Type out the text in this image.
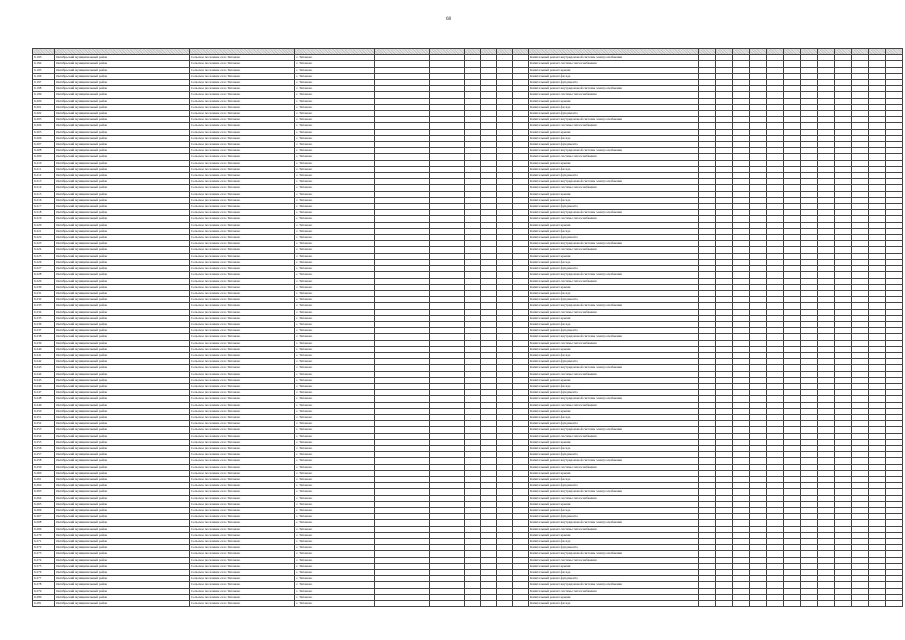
68

6.193	Октябрьский муниципальный район	Сельское поселение село Тиганово	с. Тиганово							Капитальный ремонт внутридомовой системы электроснабжения												
6.194	Октябрьский муниципальный район	Сельское поселение село Тиганово	с. Тиганово							Капитальный ремонт системы теплоснабжения												
6.195	Октябрьский муниципальный район	Сельское поселение село Тиганово	с. Тиганово							Капитальный ремонт крыши												
6.196	Октябрьский муниципальный район	Сельское поселение село Тиганово	с. Тиганово							Капитальный ремонт фасада												
6.197	Октябрьский муниципальный район	Сельское поселение село Тиганово	с. Тиганово							Капитальный ремонт фундамента												
6.198	Октябрьский муниципальный район	Сельское поселение село Тиганово	с. Тиганово							Капитальный ремонт внутридомовой системы электроснабжения												
6.199	Октябрьский муниципальный район	Сельское поселение село Тиганово	с. Тиганово							Капитальный ремонт системы теплоснабжения												
6.200	Октябрьский муниципальный район	Сельское поселение село Тиганово	с. Тиганово							Капитальный ремонт крыши												
6.201	Октябрьский муниципальный район	Сельское поселение село Тиганово	с. Тиганово							Капитальный ремонт фасада												
6.202	Октябрьский муниципальный район	Сельское поселение село Тиганово	с. Тиганово							Капитальный ремонт фундамента												
6.203	Октябрьский муниципальный район	Сельское поселение село Тиганово	с. Тиганово							Капитальный ремонт внутридомовой системы электроснабжения												
6.204	Октябрьский муниципальный район	Сельское поселение село Тиганово	с. Тиганово							Капитальный ремонт системы теплоснабжения												
6.205	Октябрьский муниципальный район	Сельское поселение село Тиганово	с. Тиганово							Капитальный ремонт крыши												
6.206	Октябрьский муниципальный район	Сельское поселение село Тиганово	с. Тиганово							Капитальный ремонт фасада												
6.207	Октябрьский муниципальный район	Сельское поселение село Тиганово	с. Тиганово							Капитальный ремонт фундамента												
6.208	Октябрьский муниципальный район	Сельское поселение село Тиганово	с. Тиганово							Капитальный ремонт внутридомовой системы электроснабжения												
6.209	Октябрьский муниципальный район	Сельское поселение село Тиганово	с. Тиганово							Капитальный ремонт системы теплоснабжения												
6.210	Октябрьский муниципальный район	Сельское поселение село Тиганово	с. Тиганово							Капитальный ремонт крыши												
6.211	Октябрьский муниципальный район	Сельское поселение село Тиганово	с. Тиганово							Капитальный ремонт фасада												
6.212	Октябрьский муниципальный район	Сельское поселение село Тиганово	с. Тиганово							Капитальный ремонт фундамента												
6.213	Октябрьский муниципальный район	Сельское поселение село Тиганово	с. Тиганово							Капитальный ремонт внутридомовой системы электроснабжения												
6.214	Октябрьский муниципальный район	Сельское поселение село Тиганово	с. Тиганово							Капитальный ремонт системы теплоснабжения												
6.215	Октябрьский муниципальный район	Сельское поселение село Тиганово	с. Тиганово							Капитальный ремонт крыши												
6.216	Октябрьский муниципальный район	Сельское поселение село Тиганово	с. Тиганово							Капитальный ремонт фасада												
6.217	Октябрьский муниципальный район	Сельское поселение село Тиганово	с. Тиганово							Капитальный ремонт фундамента												
6.218	Октябрьский муниципальный район	Сельское поселение село Тиганово	с. Тиганово							Капитальный ремонт внутридомовой системы электроснабжения												
6.219	Октябрьский муниципальный район	Сельское поселение село Тиганово	с. Тиганово							Капитальный ремонт системы теплоснабжения												
6.220	Октябрьский муниципальный район	Сельское поселение село Тиганово	с. Тиганово							Капитальный ремонт крыши												
6.221	Октябрьский муниципальный район	Сельское поселение село Тиганово	с. Тиганово							Капитальный ремонт фасада												
6.222	Октябрьский муниципальный район	Сельское поселение село Тиганово	с. Тиганово							Капитальный ремонт фундамента												
6.223	Октябрьский муниципальный район	Сельское поселение село Тиганово	с. Тиганово							Капитальный ремонт внутридомовой системы электроснабжения												
6.224	Октябрьский муниципальный район	Сельское поселение село Тиганово	с. Тиганово							Капитальный ремонт системы теплоснабжения												
6.225	Октябрьский муниципальный район	Сельское поселение село Тиганово	с. Тиганово							Капитальный ремонт крыши												
6.226	Октябрьский муниципальный район	Сельское поселение село Тиганово	с. Тиганово							Капитальный ремонт фасада												
6.227	Октябрьский муниципальный район	Сельское поселение село Тиганово	с. Тиганово							Капитальный ремонт фундамента												
6.228	Октябрьский муниципальный район	Сельское поселение село Тиганово	с. Тиганово							Капитальный ремонт внутридомовой системы электроснабжения												
6.229	Октябрьский муниципальный район	Сельское поселение село Тиганово	с. Тиганово							Капитальный ремонт системы теплоснабжения												
6.230	Октябрьский муниципальный район	Сельское поселение село Тиганово	с. Тиганово							Капитальный ремонт крыши												
6.231	Октябрьский муниципальный район	Сельское поселение село Тиганово	с. Тиганово							Капитальный ремонт фасада												
6.232	Октябрьский муниципальный район	Сельское поселение село Тиганово	с. Тиганово							Капитальный ремонт фундамента												
6.233	Октябрьский муниципальный район	Сельское поселение село Тиганово	с. Тиганово							Капитальный ремонт внутридомовой системы электроснабжения												
6.234	Октябрьский муниципальный район	Сельское поселение село Тиганово	с. Тиганово							Капитальный ремонт системы теплоснабжения												
6.235	Октябрьский муниципальный район	Сельское поселение село Тиганово	с. Тиганово							Капитальный ремонт крыши												
6.236	Октябрьский муниципальный район	Сельское поселение село Тиганово	с. Тиганово							Капитальный ремонт фасада												
6.237	Октябрьский муниципальный район	Сельское поселение село Тиганово	с. Тиганово							Капитальный ремонт фундамента												
6.238	Октябрьский муниципальный район	Сельское поселение село Тиганово	с. Тиганово							Капитальный ремонт внутридомовой системы электроснабжения												
6.239	Октябрьский муниципальный район	Сельское поселение село Тиганово	с. Тиганово							Капитальный ремонт системы теплоснабжения												
6.240	Октябрьский муниципальный район	Сельское поселение село Тиганово	с. Тиганово							Капитальный ремонт крыши												
6.241	Октябрьский муниципальный район	Сельское поселение село Тиганово	с. Тиганово							Капитальный ремонт фасада												
6.242	Октябрьский муниципальный район	Сельское поселение село Тиганово	с. Тиганово							Капитальный ремонт фундамента												
6.243	Октябрьский муниципальный район	Сельское поселение село Тиганово	с. Тиганово							Капитальный ремонт внутридомовой системы электроснабжения												
6.244	Октябрьский муниципальный район	Сельское поселение село Тиганово	с. Тиганово							Капитальный ремонт системы теплоснабжения												
6.245	Октябрьский муниципальный район	Сельское поселение село Тиганово	с. Тиганово							Капитальный ремонт крыши												
6.246	Октябрьский муниципальный район	Сельское поселение село Тиганово	с. Тиганово							Капитальный ремонт фасада												
6.247	Октябрьский муниципальный район	Сельское поселение село Тиганово	с. Тиганово							Капитальный ремонт фундамента												
6.248	Октябрьский муниципальный район	Сельское поселение село Тиганово	с. Тиганово							Капитальный ремонт внутридомовой системы электроснабжения												
6.249	Октябрьский муниципальный район	Сельское поселение село Тиганово	с. Тиганово							Капитальный ремонт системы теплоснабжения												
6.250	Октябрьский муниципальный район	Сельское поселение село Тиганово	с. Тиганово							Капитальный ремонт крыши												
6.251	Октябрьский муниципальный район	Сельское поселение село Тиганово	с. Тиганово							Капитальный ремонт фасада												
6.252	Октябрьский муниципальный район	Сельское поселение село Тиганово	с. Тиганово							Капитальный ремонт фундамента												
6.253	Октябрьский муниципальный район	Сельское поселение село Тиганово	с. Тиганово							Капитальный ремонт внутридомовой системы электроснабжения												
6.254	Октябрьский муниципальный район	Сельское поселение село Тиганово	с. Тиганово							Капитальный ремонт системы теплоснабжения												
6.255	Октябрьский муниципальный район	Сельское поселение село Тиганово	с. Тиганово							Капитальный ремонт крыши												
6.256	Октябрьский муниципальный район	Сельское поселение село Тиганово	с. Тиганово							Капитальный ремонт фасада												
6.257	Октябрьский муниципальный район	Сельское поселение село Тиганово	с. Тиганово							Капитальный ремонт фундамента												
6.258	Октябрьский муниципальный район	Сельское поселение село Тиганово	с. Тиганово							Капитальный ремонт внутридомовой системы электроснабжения												
6.259	Октябрьский муниципальный район	Сельское поселение село Тиганово	с. Тиганово							Капитальный ремонт системы теплоснабжения												
6.260	Октябрьский муниципальный район	Сельское поселение село Тиганово	с. Тиганово							Капитальный ремонт крыши												
6.261	Октябрьский муниципальный район	Сельское поселение село Тиганово	с. Тиганово							Капитальный ремонт фасада												
6.262	Октябрьский муниципальный район	Сельское поселение село Тиганово	с. Тиганово							Капитальный ремонт фундамента												
6.263	Октябрьский муниципальный район	Сельское поселение село Тиганово	с. Тиганово							Капитальный ремонт внутридомовой системы электроснабжения												
6.264	Октябрьский муниципальный район	Сельское поселение село Тиганово	с. Тиганово							Капитальный ремонт системы теплоснабжения												
6.265	Октябрьский муниципальный район	Сельское поселение село Тиганово	с. Тиганово							Капитальный ремонт крыши												
6.266	Октябрьский муниципальный район	Сельское поселение село Тиганово	с. Тиганово							Капитальный ремонт фасада												
6.267	Октябрьский муниципальный район	Сельское поселение село Тиганово	с. Тиганово							Капитальный ремонт фундамента												
6.268	Октябрьский муниципальный район	Сельское поселение село Тиганово	с. Тиганово							Капитальный ремонт внутридомовой системы электроснабжения												
6.269	Октябрьский муниципальный район	Сельское поселение село Тиганово	с. Тиганово							Капитальный ремонт системы теплоснабжения												
6.270	Октябрьский муниципальный район	Сельское поселение село Тиганово	с. Тиганово							Капитальный ремонт крыши												
6.271	Октябрьский муниципальный район	Сельское поселение село Тиганово	с. Тиганово							Капитальный ремонт фасада												
6.272	Октябрьский муниципальный район	Сельское поселение село Тиганово	с. Тиганово							Капитальный ремонт фундамента												
6.273	Октябрьский муниципальный район	Сельское поселение село Тиганово	с. Тиганово							Капитальный ремонт внутридомовой системы электроснабжения												
6.274	Октябрьский муниципальный район	Сельское поселение село Тиганово	с. Тиганово							Капитальный ремонт системы теплоснабжения												
6.275	Октябрьский муниципальный район	Сельское поселение село Тиганово	с. Тиганово							Капитальный ремонт крыши												
6.276	Октябрьский муниципальный район	Сельское поселение село Тиганово	с. Тиганово							Капитальный ремонт фасада												
6.277	Октябрьский муниципальный район	Сельское поселение село Тиганово	с. Тиганово							Капитальный ремонт фундамента												
6.278	Октябрьский муниципальный район	Сельское поселение село Тиганово	с. Тиганово							Капитальный ремонт внутридомовой системы электроснабжения												
6.279	Октябрьский муниципальный район	Сельское поселение село Тиганово	с. Тиганово							Капитальный ремонт системы теплоснабжения												
6.280	Октябрьский муниципальный район	Сельское поселение село Тиганово	с. Тиганово							Капитальный ремонт крыши												
6.281	Октябрьский муниципальный район	Сельское поселение село Тиганово	с. Тиганово							Капитальный ремонт фасада												
